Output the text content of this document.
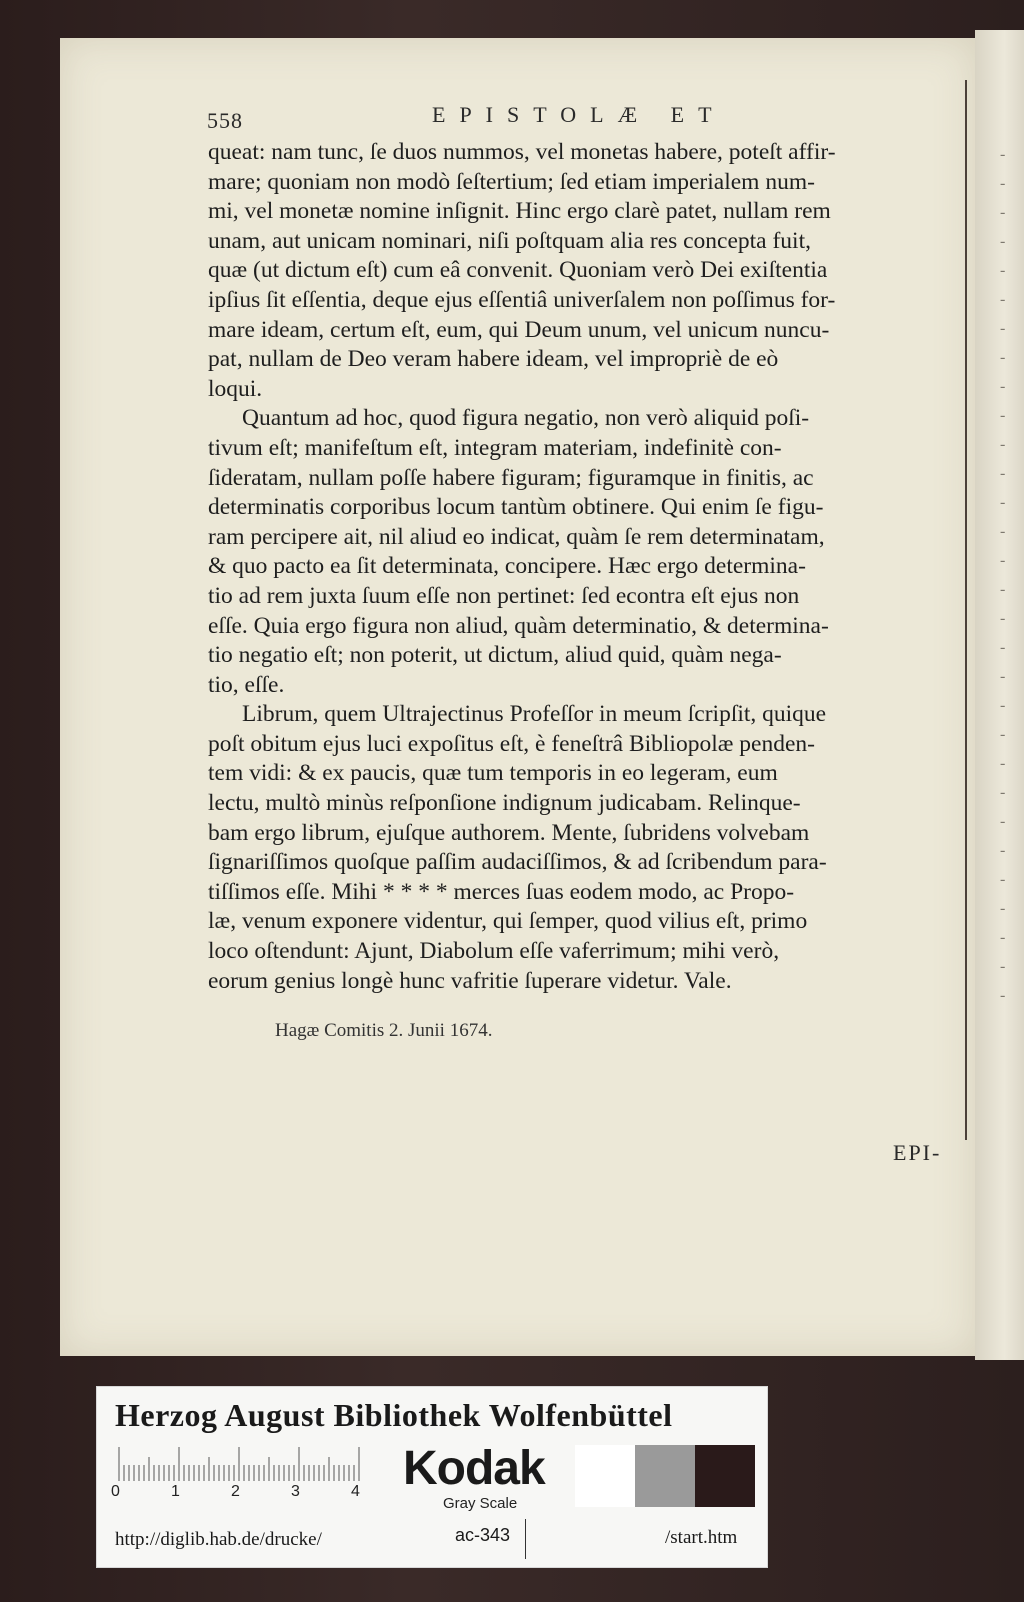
558	EPISTOLÆ ET

queat: nam tunc, ſe duos nummos, vel monetas habere, poteſt affir-

mare; quoniam non modò ſeſtertium; ſed etiam imperialem num-

mi, vel monetæ nomine inſignit. Hinc ergo clarè patet, nullam rem

unam, aut unicam nominari, niſi poſtquam alia res concepta fuit,

quæ (ut dictum eſt) cum eâ convenit. Quoniam verò Dei exiſtentia

ipſius ſit eſſentia, deque ejus eſſentiâ univerſalem non poſſimus for-

mare ideam, certum eſt, eum, qui Deum unum, vel unicum nuncu-

pat, nullam de Deo veram habere ideam, vel impropriè de eò

loqui.

Quantum ad hoc, quod figura negatio, non verò aliquid poſi-

tivum eſt; manifeſtum eſt, integram materiam, indefinitè con-

ſideratam, nullam poſſe habere figuram; figuramque in finitis, ac

determinatis corporibus locum tantùm obtinere. Qui enim ſe figu-

ram percipere ait, nil aliud eo indicat, quàm ſe rem determinatam,

& quo pacto ea ſit determinata, concipere. Hæc ergo determina-

tio ad rem juxta ſuum eſſe non pertinet: ſed econtra eſt ejus non

eſſe. Quia ergo figura non aliud, quàm determinatio, & determina-

tio negatio eſt; non poterit, ut dictum, aliud quid, quàm nega-

tio, eſſe.

Librum, quem Ultrajectinus Profeſſor in meum ſcripſit, quique

poſt obitum ejus luci expoſitus eſt, è feneſtrâ Bibliopolæ penden-

tem vidi: & ex paucis, quæ tum temporis in eo legeram, eum

lectu, multò minùs reſponſione indignum judicabam. Relinque-

bam ergo librum, ejuſque authorem. Mente, ſubridens volvebam

ſignariſſimos quoſque paſſim audaciſſimos, & ad ſcribendum para-

tiſſimos eſſe. Mihi * * * * merces ſuas eodem modo, ac Propo-

læ, venum exponere videntur, qui ſemper, quod vilius eſt, primo

loco oſtendunt: Ajunt, Diabolum eſſe vaferrimum; mihi verò,

eorum genius longè hunc vafritie ſuperare videtur. Vale.

Hagæ Comitis 2. Junii 1674.
EPI-
-
-
-
-
-
-
-
-
-
-
-
-
-
-
-
-
-
-
-
-
-
-
-
-
-
-
-
-
-
-
Herzog August Bibliothek Wolfenbüttel
0	1	2	3	4 Kodak
Gray Scale
http://diglib.hab.de/drucke/	ac-343	/start.htm
